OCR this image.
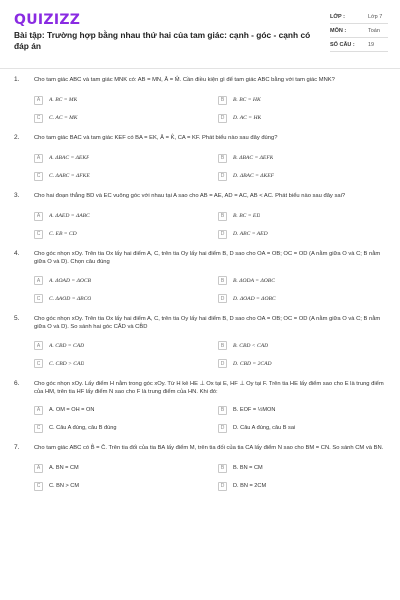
QUIZIZZ
Bài tập: Trường hợp bằng nhau thứ hai của tam giác: cạnh - góc - cạnh có đáp án
LỚP :	Lớp 7
MÔN :	Toán
SỐ CÂU : 19
1.	Cho tam giác ABC và tam giác MNK có: AB = MN, Â = M̂. Cần điều kiện gì để tam giác ABC bằng với tam giác MNK?
A	A. BC = MK	B	B. BC = HK
C	C. AC = MK	D	D. AC = HK
2.	Cho tam giác BAC và tam giác KEF có BA = EK, Â = K̂, CA = KF. Phát biểu nào sau đây đúng?
A	A. ΔBAC = ΔEKF	B	B. ΔBAC = ΔEFK
C	C. ΔABC = ΔFKE	D	D. ΔBAC = ΔKEF
3.	Cho hai đoạn thẳng BD và EC vuông góc với nhau tại A sao cho AB = AE, AD = AC, AB < AC. Phát biểu nào sau đây sai?
A	A. ΔAED = ΔABC	B	B. BC = ED
C	C. EB = CD	D	D. AB̂C = AÊD
4.	Cho góc nhọn xOy. Trên tia Ox lấy hai điểm A, C, trên tia Oy lấy hai điểm B, D sao cho OA = OB; OC = OD (A nằm giữa O và C; B nằm giữa O và D). Chọn câu đúng
A	A. ΔOAD = ΔOCB	B	B. ΔODA = ΔOBC
C	C. ΔAOD = ΔBCO	D	D. ΔOAD = ΔOBC
5.	Cho góc nhọn xOy. Trên tia Ox lấy hai điểm A, C, trên tia Oy lấy hai điểm B, D sao cho OA = OB; OC = OD (A nằm giữa O và C; B nằm giữa O và D). So sánh hai góc CÂD và CB̂D
A	A. CB̂D = CÂD	B	B. CB̂D < CÂD
C	C. CB̂D > CÂD	D	D. CB̂D = 2CÂD
6.	Cho góc nhọn xOy. Lấy điểm H nằm trong góc xOy. Từ H kẻ HE ⊥ Ox tại E, HF ⊥ Oy tại F. Trên tia HE lấy điểm sao cho E là trung điểm của HM, trên tia HF lấy điểm N sao cho F là trung điểm của HN. Khi đó:
A	A. OM = OH = ON	B	B. EÔF = ½MÔN
C	C. Câu A đúng, câu B đúng	D	D. Câu A đúng, câu B sai
7.	Cho tam giác ABC có B̂ = Ĉ. Trên tia đối của tia BA lấy điểm M, trên tia đối của tia CA lấy điểm N sao cho BM = CN. So sánh CM và BN.
A	A. BN = CM	B	B. BN = CM
C	C. BN > CM	D	D. BN = 2CM
